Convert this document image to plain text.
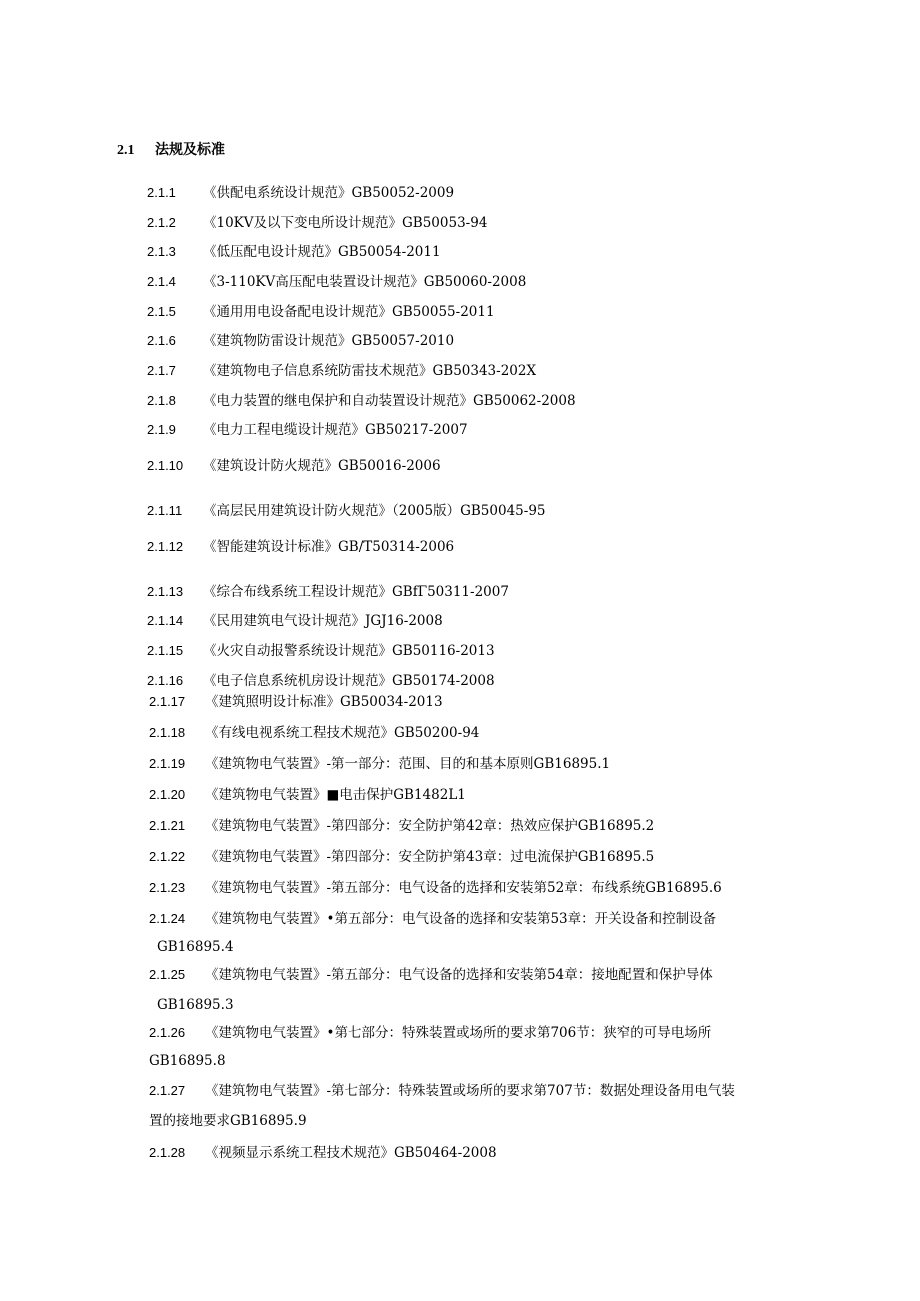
2.1 法规及标准
2.1.1 《供配电系统设计规范》GB50052-2009
2.1.2 《10KV及以下变电所设计规范》GB50053-94
2.1.3 《低压配电设计规范》GB50054-2011
2.1.4 《3-110KV高压配电装置设计规范》GB50060-2008
2.1.5 《通用用电设备配电设计规范》GB50055-2011
2.1.6 《建筑物防雷设计规范》GB50057-2010
2.1.7 《建筑物电子信息系统防雷技术规范》GB50343-202X
2.1.8 《电力装置的继电保护和自动装置设计规范》GB50062-2008
2.1.9 《电力工程电缆设计规范》GB50217-2007
2.1.10 《建筑设计防火规范》GB50016-2006
2.1.11 《高层民用建筑设计防火规范》（2005版）GB50045-95
2.1.12 《智能建筑设计标准》GB/T50314-2006
2.1.13 《综合布线系统工程设计规范》GBfΓ50311-2007
2.1.14 《民用建筑电气设计规范》JGJ16-2008
2.1.15 《火灾自动报警系统设计规范》GB50116-2013
2.1.16 《电子信息系统机房设计规范》GB50174-2008
2.1.17 《建筑照明设计标准》GB50034-2013
2.1.18 《有线电视系统工程技术规范》GB50200-94
2.1.19 《建筑物电气装置》-第一部分：范围、目的和基本原则GB16895.1
2.1.20 《建筑物电气装置》■电击保护GB1482L1
2.1.21 《建筑物电气装置》-第四部分：安全防护第42章：热效应保护GB16895.2
2.1.22 《建筑物电气装置》-第四部分：安全防护第43章：过电流保护GB16895.5
2.1.23 《建筑物电气装置》-第五部分：电气设备的选择和安装第52章：布线系统GB16895.6
2.1.24 《建筑物电气装置》•第五部分：电气设备的选择和安装第53章：开关设备和控制设备
GB16895.4
2.1.25 《建筑物电气装置》-第五部分：电气设备的选择和安装第54章：接地配置和保护导体
GB16895.3
2.1.26 《建筑物电气装置》•第七部分：特殊装置或场所的要求第706节：狭窄的可导电场所
GB16895.8
2.1.27 《建筑物电气装置》-第七部分：特殊装置或场所的要求第707节：数据处理设备用电气装
置的接地要求GB16895.9
2.1.28 《视频显示系统工程技术规范》GB50464-2008
